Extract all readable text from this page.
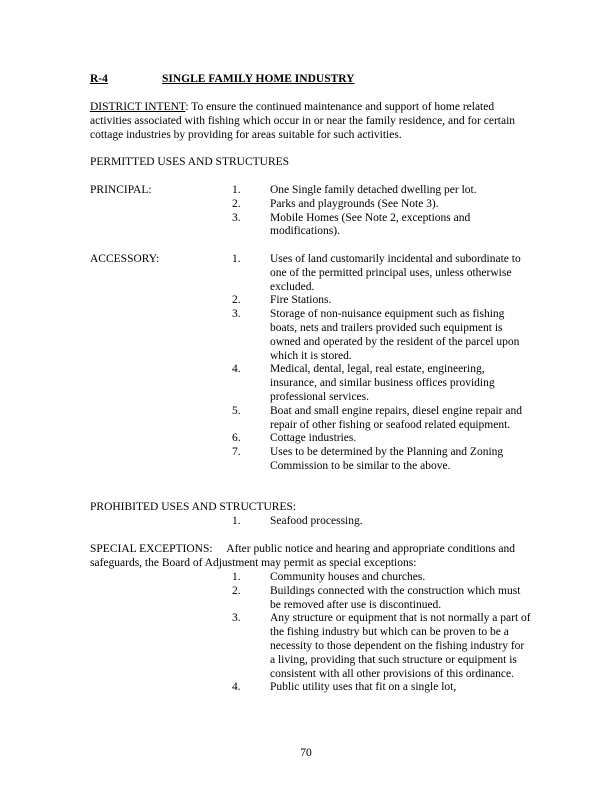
R-4	SINGLE FAMILY HOME INDUSTRY
DISTRICT INTENT: To ensure the continued maintenance and support of home related activities associated with fishing which occur in or near the family residence, and for certain cottage industries by providing for areas suitable for such activities.
PERMITTED USES AND STRUCTURES
PRINCIPAL:	1.	One Single family detached dwelling per lot.
2.	Parks and playgrounds (See Note 3).
3.	Mobile Homes (See Note 2, exceptions and modifications).
ACCESSORY:	1.	Uses of land customarily incidental and subordinate to one of the permitted principal uses, unless otherwise excluded.
2.	Fire Stations.
3.	Storage of non-nuisance equipment such as fishing boats, nets and trailers provided such equipment is owned and operated by the resident of the parcel upon which it is stored.
4.	Medical, dental, legal, real estate, engineering, insurance, and similar business offices providing professional services.
5.	Boat and small engine repairs, diesel engine repair and repair of other fishing or seafood related equipment.
6.	Cottage industries.
7.	Uses to be determined by the Planning and Zoning Commission to be similar to the above.
PROHIBITED USES AND STRUCTURES:
1.	Seafood processing.
SPECIAL EXCEPTIONS:     After public notice and hearing and appropriate conditions and safeguards, the Board of Adjustment may permit as special exceptions:
1.	Community houses and churches.
2.	Buildings connected with the construction which must be removed after use is discontinued.
3.	Any structure or equipment that is not normally a part of the fishing industry but which can be proven to be a necessity to those dependent on the fishing industry for a living, providing that such structure or equipment is consistent with all other provisions of this ordinance.
4.	Public utility uses that fit on a single lot,
70
